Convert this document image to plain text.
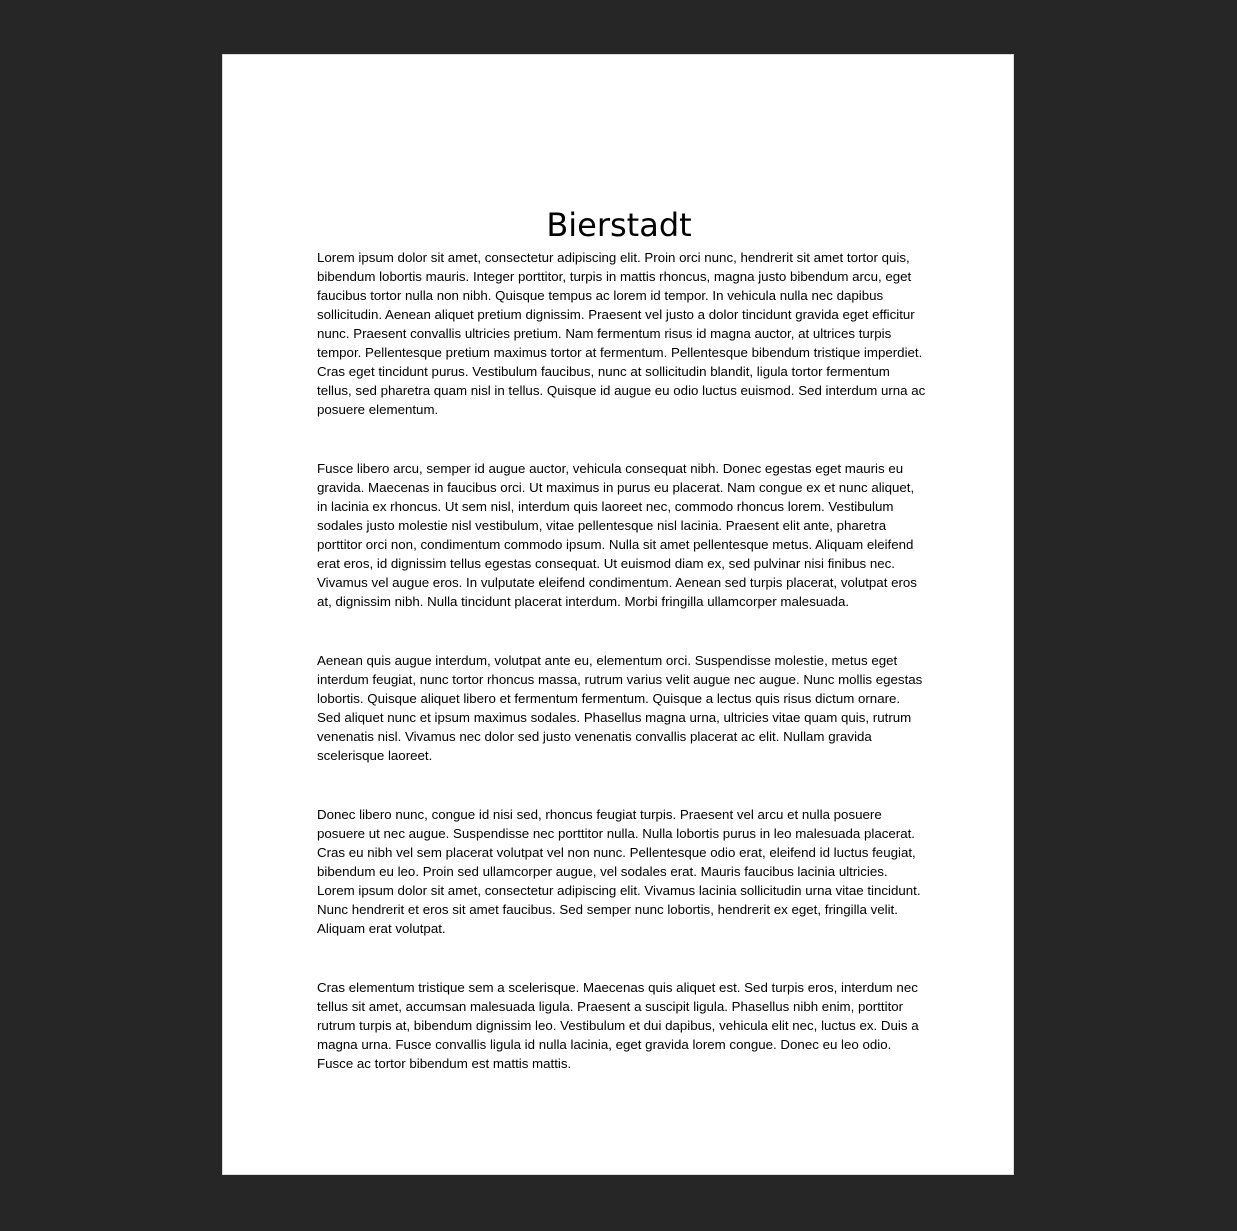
Bierstadt

Lorem ipsum dolor sit amet, consectetur adipiscing elit. Proin orci nunc, hendrerit sit amet tortor quis, bibendum lobortis mauris. Integer porttitor, turpis in mattis rhoncus, magna justo bibendum arcu, eget faucibus tortor nulla non nibh. Quisque tempus ac lorem id tempor. In vehicula nulla nec dapibus sollicitudin. Aenean aliquet pretium dignissim. Praesent vel justo a dolor tincidunt gravida eget efficitur nunc. Praesent convallis ultricies pretium. Nam fermentum risus id magna auctor, at ultrices turpis tempor. Pellentesque pretium maximus tortor at fermentum. Pellentesque bibendum tristique imperdiet. Cras eget tincidunt purus. Vestibulum faucibus, nunc at sollicitudin blandit, ligula tortor fermentum tellus, sed pharetra quam nisl in tellus. Quisque id augue eu odio luctus euismod. Sed interdum urna ac posuere elementum.

Fusce libero arcu, semper id augue auctor, vehicula consequat nibh. Donec egestas eget mauris eu gravida. Maecenas in faucibus orci. Ut maximus in purus eu placerat. Nam congue ex et nunc aliquet, in lacinia ex rhoncus. Ut sem nisl, interdum quis laoreet nec, commodo rhoncus lorem. Vestibulum sodales justo molestie nisl vestibulum, vitae pellentesque nisl lacinia. Praesent elit ante, pharetra porttitor orci non, condimentum commodo ipsum. Nulla sit amet pellentesque metus. Aliquam eleifend erat eros, id dignissim tellus egestas consequat. Ut euismod diam ex, sed pulvinar nisi finibus nec. Vivamus vel augue eros. In vulputate eleifend condimentum. Aenean sed turpis placerat, volutpat eros at, dignissim nibh. Nulla tincidunt placerat interdum. Morbi fringilla ullamcorper malesuada.

Aenean quis augue interdum, volutpat ante eu, elementum orci. Suspendisse molestie, metus eget interdum feugiat, nunc tortor rhoncus massa, rutrum varius velit augue nec augue. Nunc mollis egestas lobortis. Quisque aliquet libero et fermentum fermentum. Quisque a lectus quis risus dictum ornare. Sed aliquet nunc et ipsum maximus sodales. Phasellus magna urna, ultricies vitae quam quis, rutrum venenatis nisl. Vivamus nec dolor sed justo venenatis convallis placerat ac elit. Nullam gravida scelerisque laoreet.

Donec libero nunc, congue id nisi sed, rhoncus feugiat turpis. Praesent vel arcu et nulla posuere posuere ut nec augue. Suspendisse nec porttitor nulla. Nulla lobortis purus in leo malesuada placerat. Cras eu nibh vel sem placerat volutpat vel non nunc. Pellentesque odio erat, eleifend id luctus feugiat, bibendum eu leo. Proin sed ullamcorper augue, vel sodales erat. Mauris faucibus lacinia ultricies. Lorem ipsum dolor sit amet, consectetur adipiscing elit. Vivamus lacinia sollicitudin urna vitae tincidunt. Nunc hendrerit et eros sit amet faucibus. Sed semper nunc lobortis, hendrerit ex eget, fringilla velit. Aliquam erat volutpat.

Cras elementum tristique sem a scelerisque. Maecenas quis aliquet est. Sed turpis eros, interdum nec tellus sit amet, accumsan malesuada ligula. Praesent a suscipit ligula. Phasellus nibh enim, porttitor rutrum turpis at, bibendum dignissim leo. Vestibulum et dui dapibus, vehicula elit nec, luctus ex. Duis a magna urna. Fusce convallis ligula id nulla lacinia, eget gravida lorem congue. Donec eu leo odio. Fusce ac tortor bibendum est mattis mattis.
